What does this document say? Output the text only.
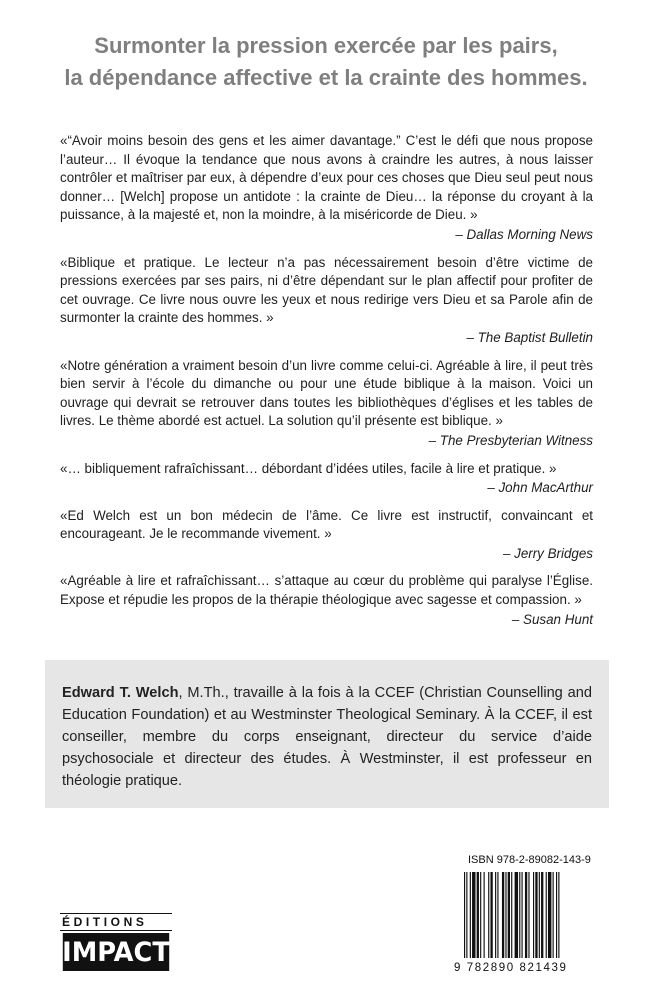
Surmonter la pression exercée par les pairs,
la dépendance affective et la crainte des hommes.

«“Avoir moins besoin des gens et les aimer davantage.” C’est le défi que nous propose l’auteur… Il évoque la tendance que nous avons à craindre les autres, à nous laisser contrôler et maîtriser par eux, à dépendre d’eux pour ces choses que Dieu seul peut nous donner… [Welch] propose un antidote : la crainte de Dieu… la réponse du croyant à la puissance, à la majesté et, non la moindre, à la miséricorde de Dieu. »

– Dallas Morning News

«Biblique et pratique. Le lecteur n’a pas nécessairement besoin d’être victime de pressions exercées par ses pairs, ni d’être dépendant sur le plan affectif pour profiter de cet ouvrage. Ce livre nous ouvre les yeux et nous redirige vers Dieu et sa Parole afin de surmonter la crainte des hommes. »

– The Baptist Bulletin

«Notre génération a vraiment besoin d’un livre comme celui-ci. Agréable à lire, il peut très bien servir à l’école du dimanche ou pour une étude biblique à la maison. Voici un ouvrage qui devrait se retrouver dans toutes les bibliothèques d’églises et les tables de livres. Le thème abordé est actuel. La solution qu’il présente est biblique. »

– The Presbyterian Witness

«… bibliquement rafraîchissant… débordant d’idées utiles, facile à lire et pratique. »

– John MacArthur

«Ed Welch est un bon médecin de l’âme. Ce livre est instructif, convaincant et encourageant. Je le recommande vivement. »

– Jerry Bridges

«Agréable à lire et rafraîchissant… s’attaque au cœur du problème qui paralyse l’Église. Expose et répudie les propos de la thérapie théologique avec sagesse et compassion. »

– Susan Hunt

Edward T. Welch, M.Th., travaille à la fois à la CCEF (Christian Counselling and Education Foundation) et au Westminster Theological Seminary. À la CCEF, il est conseiller, membre du corps enseignant, directeur du service d’aide psychosociale et directeur des études. À Westminster, il est professeur en théologie pratique.
ÉDITIONS
IMPACT
ISBN 978-2-89082-143-9
9 782890 821439
